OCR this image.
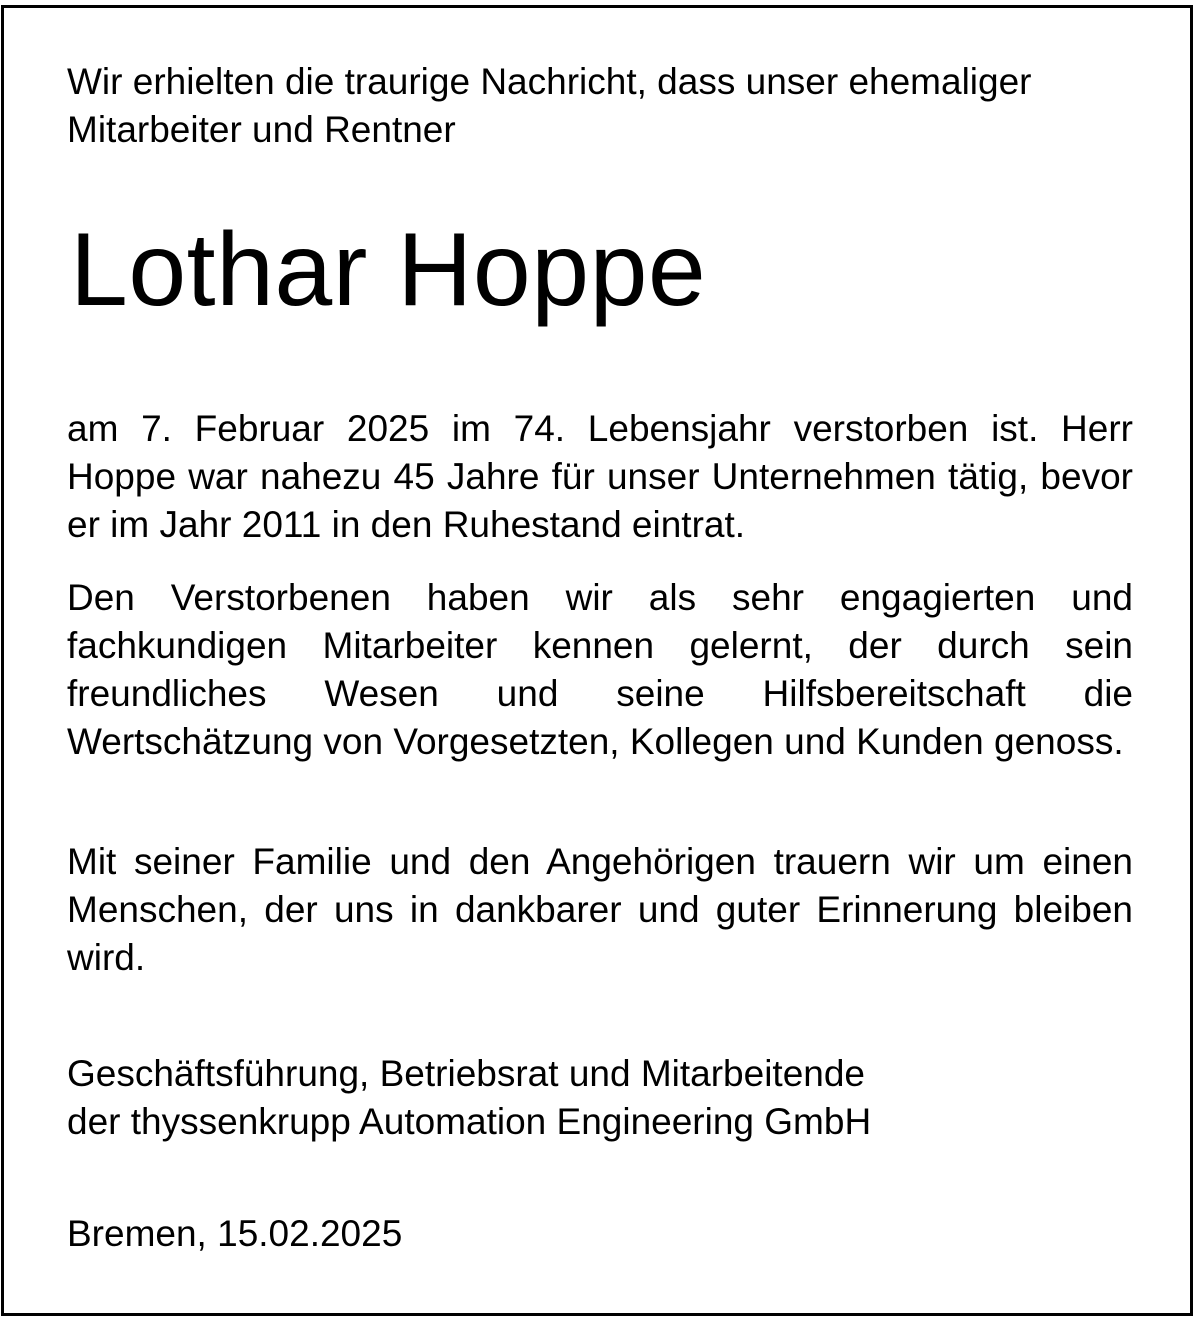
Wir erhielten die traurige Nachricht, dass unser ehemaliger Mitarbeiter und Rentner

Lothar Hoppe

am 7. Februar 2025 im 74. Lebensjahr verstorben ist. Herr Hoppe war nahezu 45 Jahre für unser Unternehmen tätig, bevor er im Jahr 2011 in den Ruhestand eintrat.

Den Verstorbenen haben wir als sehr engagierten und fachkundigen Mitarbeiter kennen gelernt, der durch sein freundliches Wesen und seine Hilfsbereitschaft die Wertschätzung von Vorgesetzten, Kollegen und Kunden genoss.

Mit seiner Familie und den Angehörigen trauern wir um einen Menschen, der uns in dankbarer und guter Erinnerung bleiben wird.

Geschäftsführung, Betriebsrat und Mitarbeitende
der thyssenkrupp Automation Engineering GmbH

Bremen, 15.02.2025
